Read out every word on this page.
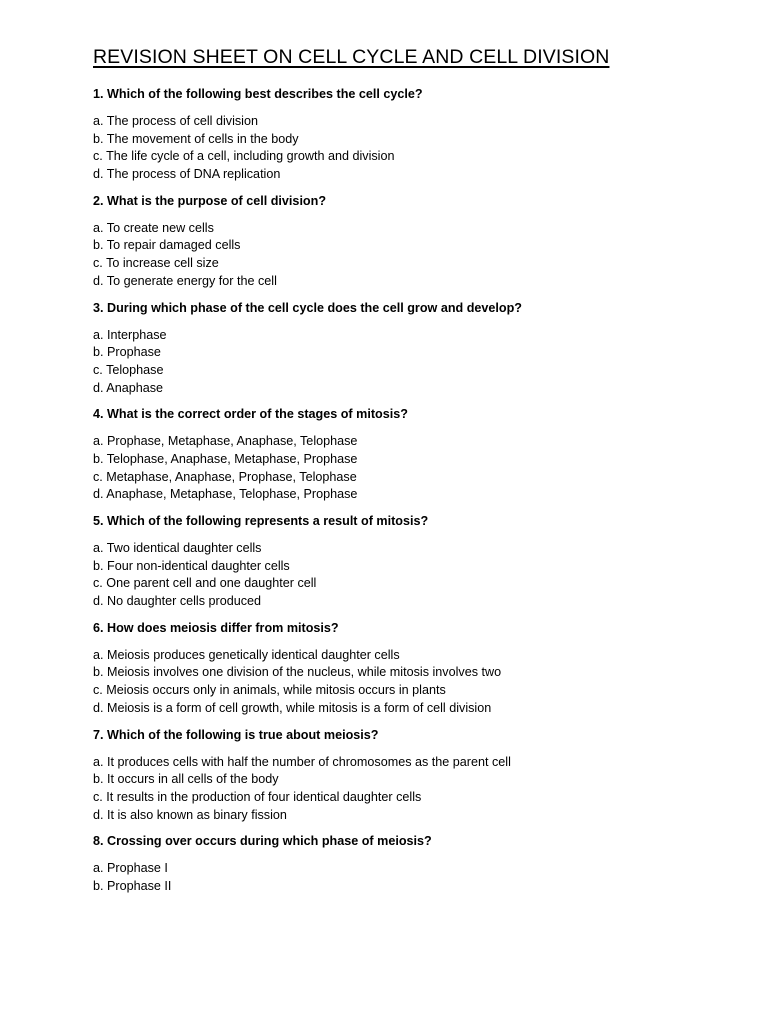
REVISION SHEET ON CELL CYCLE AND CELL DIVISION
1. Which of the following best describes the cell cycle?
a. The process of cell division
b. The movement of cells in the body
c. The life cycle of a cell, including growth and division
d. The process of DNA replication
2. What is the purpose of cell division?
a. To create new cells
b. To repair damaged cells
c. To increase cell size
d. To generate energy for the cell
3. During which phase of the cell cycle does the cell grow and develop?
a. Interphase
b. Prophase
c. Telophase
d. Anaphase
4. What is the correct order of the stages of mitosis?
a. Prophase, Metaphase, Anaphase, Telophase
b. Telophase, Anaphase, Metaphase, Prophase
c. Metaphase, Anaphase, Prophase, Telophase
d. Anaphase, Metaphase, Telophase, Prophase
5. Which of the following represents a result of mitosis?
a. Two identical daughter cells
b. Four non-identical daughter cells
c. One parent cell and one daughter cell
d. No daughter cells produced
6. How does meiosis differ from mitosis?
a. Meiosis produces genetically identical daughter cells
b. Meiosis involves one division of the nucleus, while mitosis involves two
c. Meiosis occurs only in animals, while mitosis occurs in plants
d. Meiosis is a form of cell growth, while mitosis is a form of cell division
7. Which of the following is true about meiosis?
a. It produces cells with half the number of chromosomes as the parent cell
b. It occurs in all cells of the body
c. It results in the production of four identical daughter cells
d. It is also known as binary fission
8. Crossing over occurs during which phase of meiosis?
a. Prophase I
b. Prophase II
